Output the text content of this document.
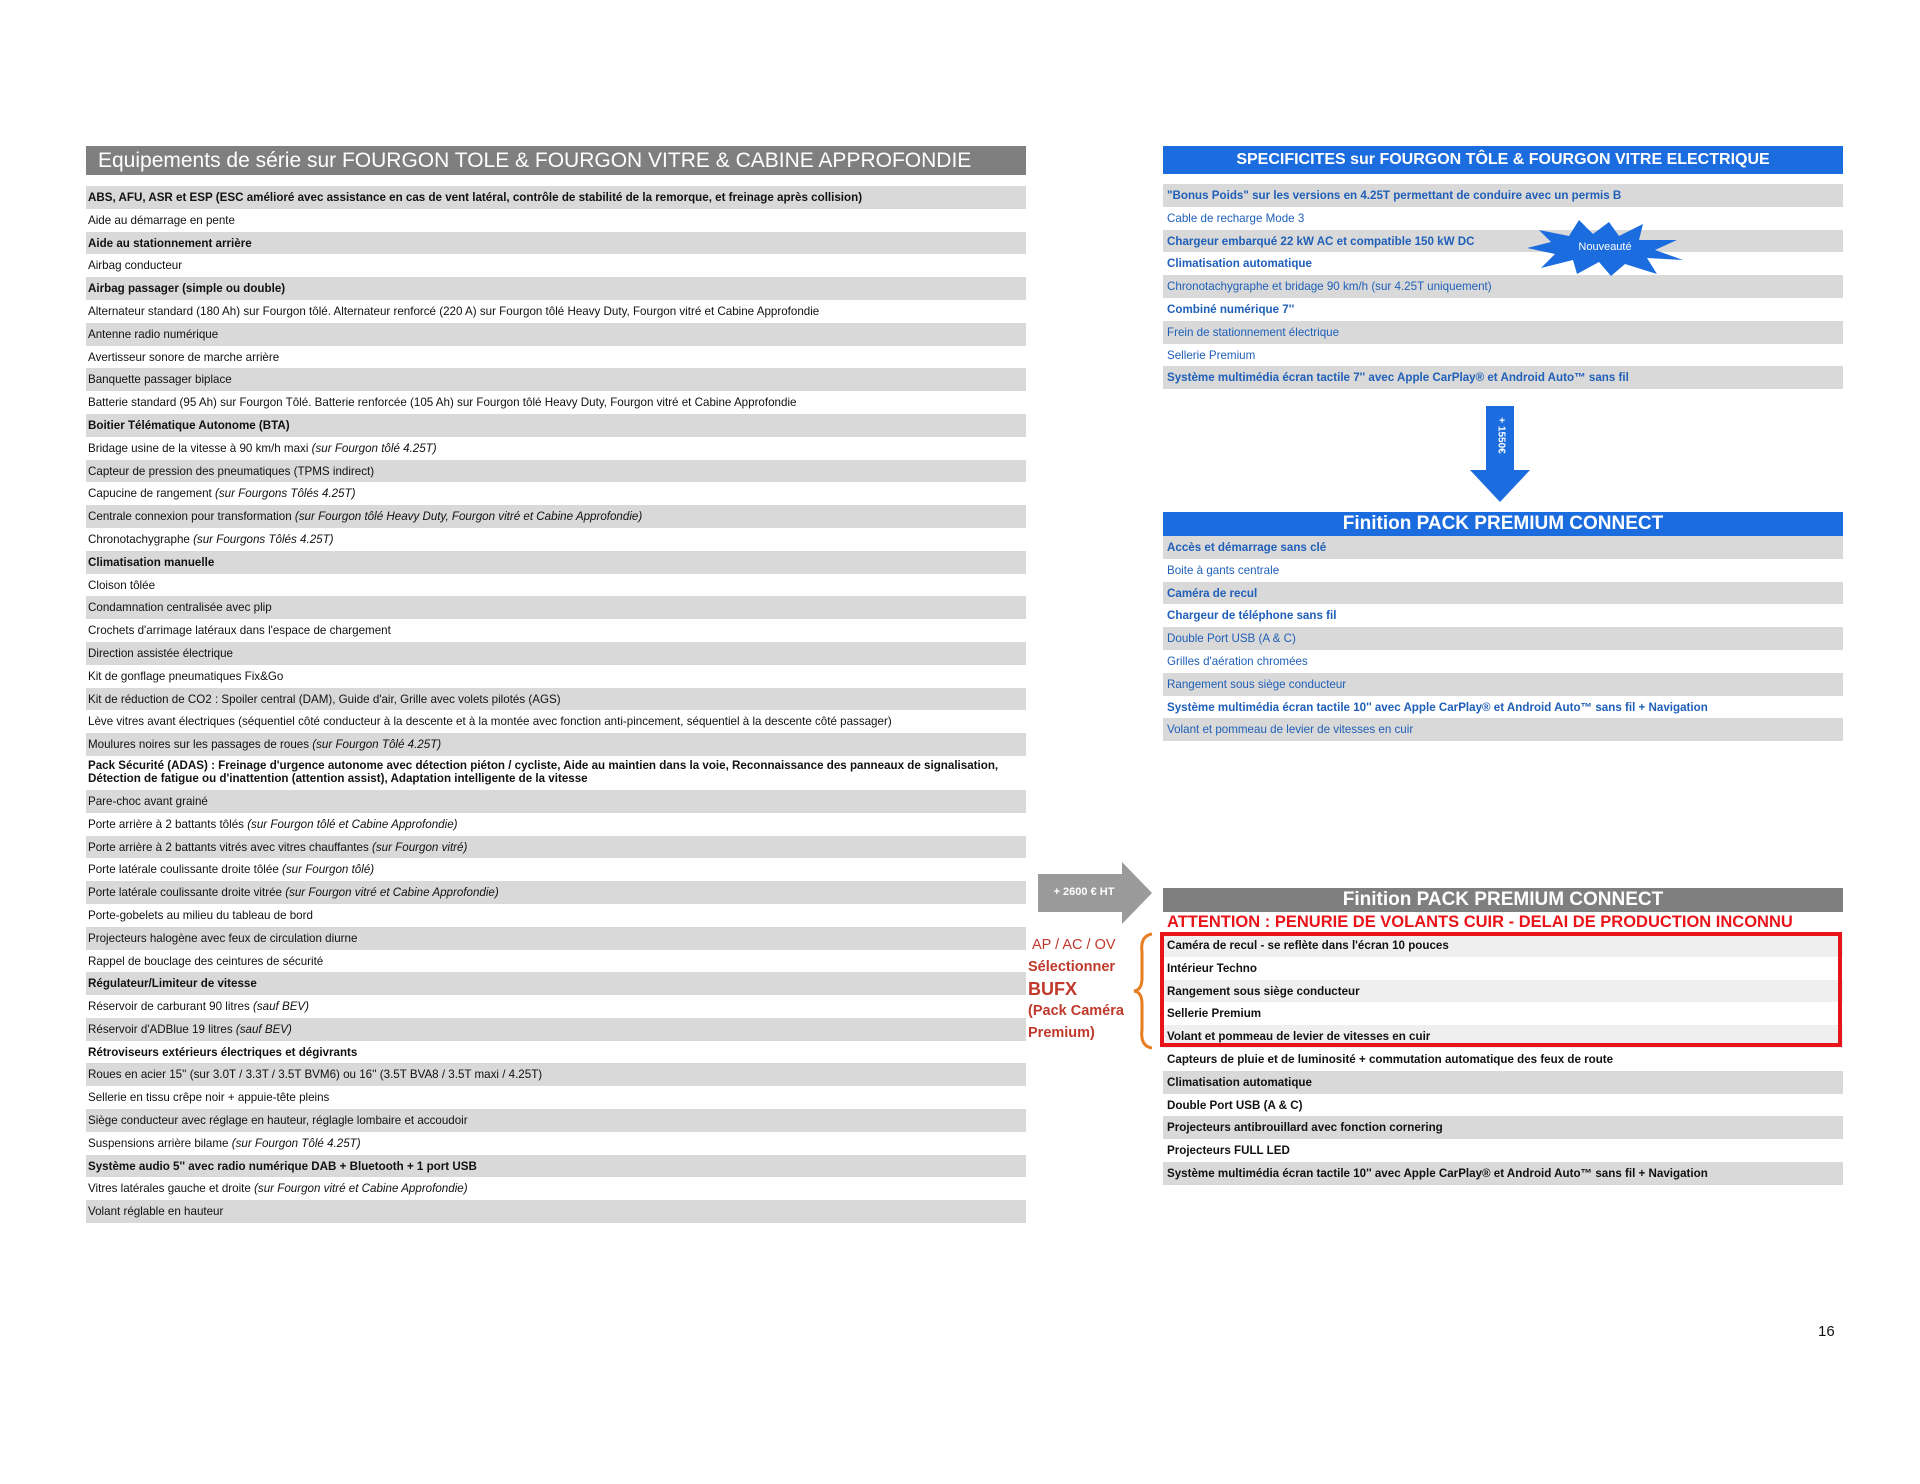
Equipements de série sur FOURGON TOLE & FOURGON VITRE & CABINE APPROFONDIE
ABS, AFU, ASR et ESP (ESC amélioré avec assistance en cas de vent latéral, contrôle de stabilité de la remorque, et freinage après collision)
Aide au démarrage en pente
Aide au stationnement arrière
Airbag conducteur
Airbag passager (simple ou double)
Alternateur standard (180 Ah) sur Fourgon tôlé. Alternateur renforcé (220 A) sur Fourgon tôlé Heavy Duty, Fourgon vitré et Cabine Approfondie
Antenne radio numérique
Avertisseur sonore de marche arrière
Banquette passager biplace
Batterie standard (95 Ah) sur Fourgon Tôlé. Batterie renforcée (105 Ah) sur Fourgon tôlé Heavy Duty, Fourgon vitré et Cabine Approfondie
Boitier Télématique Autonome (BTA)
Bridage usine de la vitesse à 90 km/h maxi (sur Fourgon tôlé 4.25T)
Capteur de pression des pneumatiques (TPMS indirect)
Capucine de rangement (sur Fourgons Tôlés 4.25T)
Centrale connexion pour transformation (sur Fourgon tôlé Heavy Duty, Fourgon vitré et Cabine Approfondie)
Chronotachygraphe (sur Fourgons Tôlés 4.25T)
Climatisation manuelle
Cloison tôlée
Condamnation centralisée avec plip
Crochets d'arrimage latéraux dans l'espace de chargement
Direction assistée électrique
Kit de gonflage pneumatiques Fix&Go
Kit de réduction de CO2 : Spoiler central (DAM), Guide d'air, Grille avec volets pilotés (AGS)
Lève vitres avant électriques (séquentiel côté conducteur à la descente et à la montée avec fonction anti-pincement, séquentiel à la descente côté passager)
Moulures noires sur les passages de roues (sur Fourgon Tôlé 4.25T)
Pack Sécurité (ADAS) : Freinage d'urgence autonome avec détection piéton / cycliste, Aide au maintien dans la voie, Reconnaissance des panneaux de signalisation, Détection de fatigue ou d'inattention (attention assist), Adaptation intelligente de la vitesse
Pare-choc avant grainé
Porte arrière à 2 battants tôlés (sur Fourgon tôlé et Cabine Approfondie)
Porte arrière à 2 battants vitrés avec vitres chauffantes (sur Fourgon vitré)
Porte latérale coulissante droite tôlée (sur Fourgon tôlé)
Porte latérale coulissante droite vitrée (sur Fourgon vitré et Cabine Approfondie)
Porte-gobelets au milieu du tableau de bord
Projecteurs halogène avec feux de circulation diurne
Rappel de bouclage des ceintures de sécurité
Régulateur/Limiteur de vitesse
Réservoir de carburant 90 litres (sauf BEV)
Réservoir d'ADBlue 19 litres (sauf BEV)
Rétroviseurs extérieurs électriques et dégivrants
Roues en acier 15'' (sur 3.0T / 3.3T / 3.5T BVM6) ou 16'' (3.5T BVA8 / 3.5T maxi / 4.25T)
Sellerie en tissu crêpe noir + appuie-tête pleins
Siège conducteur avec réglage en hauteur, réglagle lombaire et accoudoir
Suspensions arrière bilame (sur Fourgon Tôlé 4.25T)
Système audio 5'' avec radio numérique DAB + Bluetooth + 1 port USB
Vitres latérales gauche et droite (sur Fourgon vitré et Cabine Approfondie)
Volant réglable en hauteur
SPECIFICITES sur FOURGON TÔLE & FOURGON VITRE ELECTRIQUE
"Bonus Poids" sur les versions en 4.25T permettant de conduire avec un permis B
Cable de recharge Mode 3
Chargeur embarqué 22 kW AC et compatible 150 kW DC
Climatisation automatique
Chronotachygraphe et bridage 90 km/h (sur 4.25T uniquement)
Combiné numérique 7''
Frein de stationnement électrique
Sellerie Premium
Système multimédia écran tactile 7'' avec Apple CarPlay® et Android Auto™ sans fil
Nouveauté
+ 1550€
Finition PACK PREMIUM CONNECT
Accès et démarrage sans clé
Boite à gants centrale
Caméra de recul
Chargeur de téléphone sans fil
Double Port USB (A & C)
Grilles d'aération chromées
Rangement sous siège conducteur
Système multimédia écran tactile 10'' avec Apple CarPlay® et Android Auto™ sans fil + Navigation
Volant et pommeau de levier de vitesses en cuir
+ 2600 € HT
AP / AC / OV
Sélectionner
BUFX
(Pack Caméra Premium)
Finition PACK PREMIUM CONNECT
Caméra de recul - se reflète dans l'écran 10 pouces
Intérieur Techno
Rangement sous siège conducteur
Sellerie Premium
Volant et pommeau de levier de vitesses en cuir
Capteurs de pluie et de luminosité + commutation automatique des feux de route
Climatisation automatique
Double Port USB (A & C)
Projecteurs antibrouillard avec fonction cornering
Projecteurs FULL LED
Système multimédia écran tactile 10'' avec Apple CarPlay® et Android Auto™ sans fil + Navigation
ATTENTION : PENURIE DE VOLANTS CUIR - DELAI DE PRODUCTION INCONNU
16
